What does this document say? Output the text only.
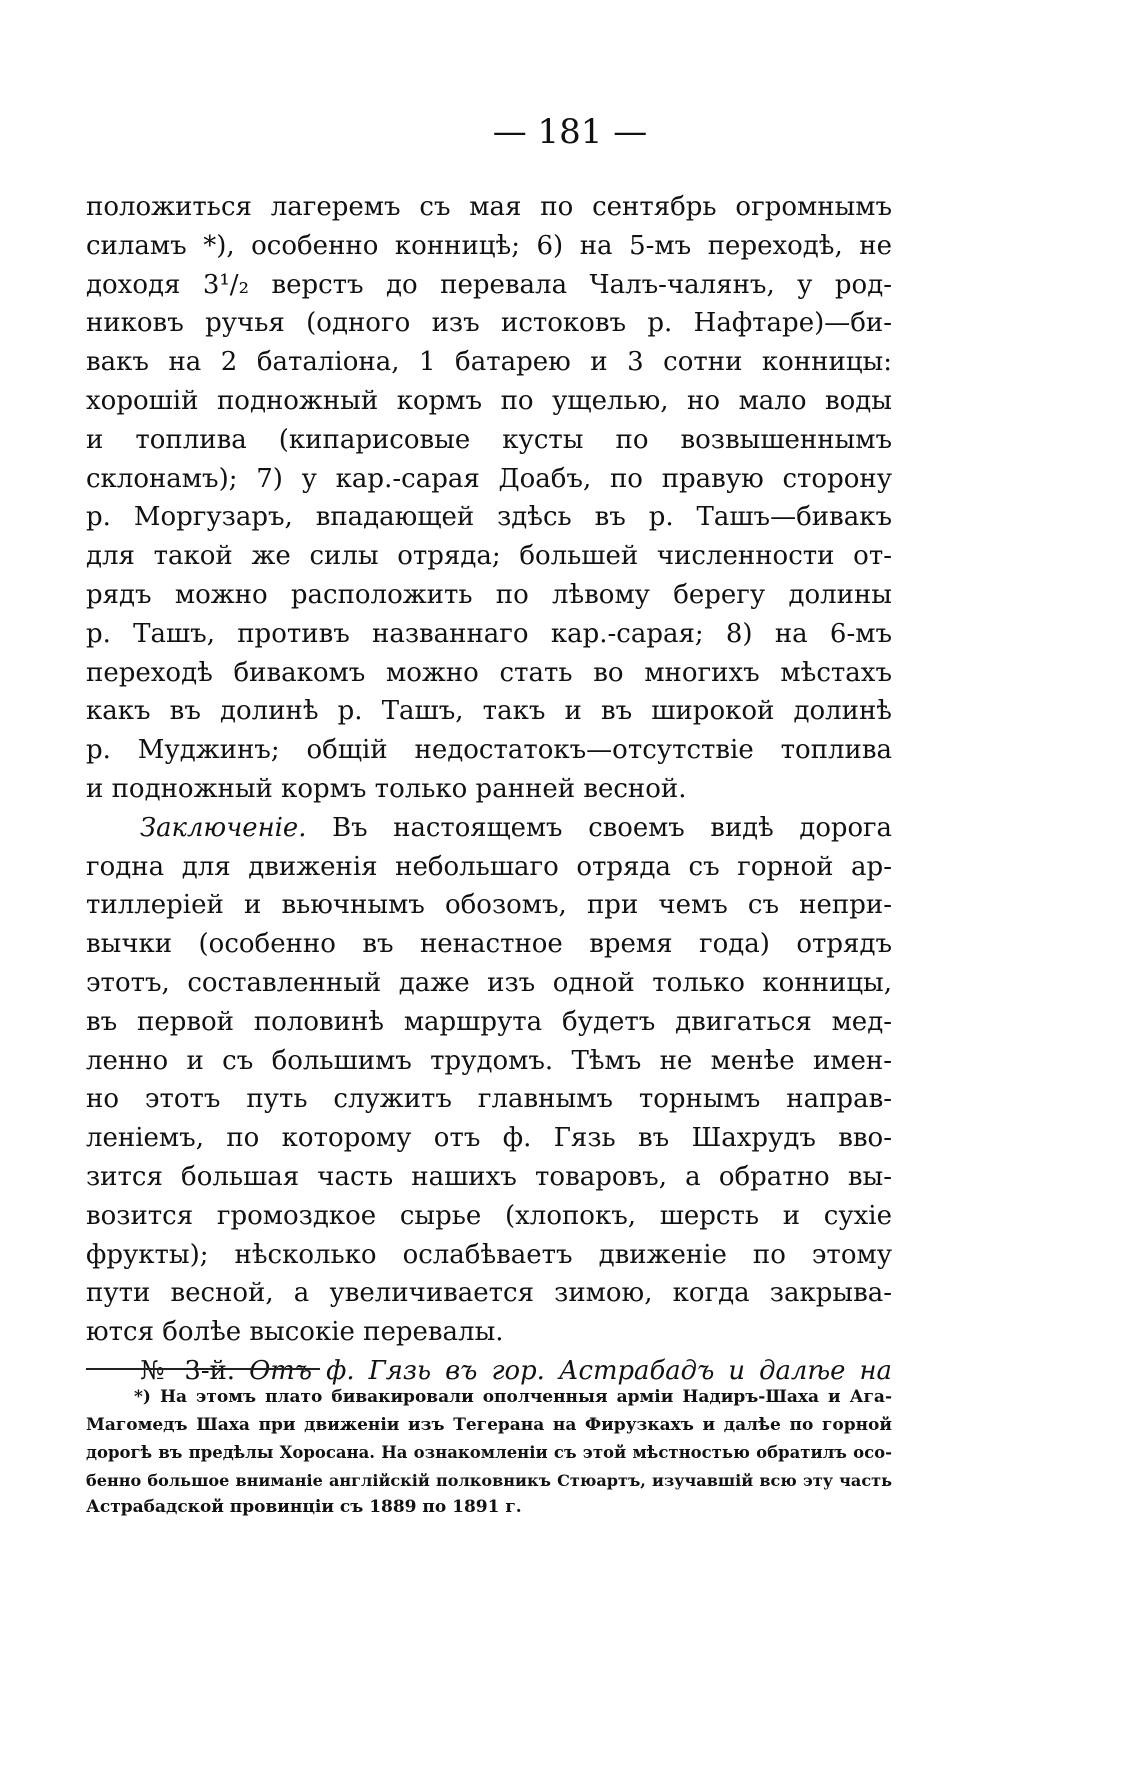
— 181 —
положиться лагеремъ съ мая по сентябрь огромнымъ
силамъ *), особенно конницѣ; 6) на 5-мъ переходѣ, не
доходя 3¹/₂ верстъ до перевала Чалъ-чалянъ, у род-
никовъ ручья (одного изъ истоковъ р. Нафтаре)—би-
вакъ на 2 баталіона, 1 батарею и 3 сотни конницы:
хорошій подножный кормъ по ущелью, но мало воды
и топлива (кипарисовые кусты по возвышеннымъ
склонамъ); 7) у кар.-сарая Доабъ, по правую сторону
р. Моргузаръ, впадающей здѣсь въ р. Ташъ—бивакъ
для такой же силы отряда; большей численности от-
рядъ можно расположить по лѣвому берегу долины
р. Ташъ, противъ названнаго кар.-сарая; 8) на 6-мъ
переходѣ бивакомъ можно стать во многихъ мѣстахъ
какъ въ долинѣ р. Ташъ, такъ и въ широкой долинѣ
р. Муджинъ; общій недостатокъ—отсутствіе топлива
и подножный кормъ только ранней весной.
Заключеніе. Въ настоящемъ своемъ видѣ дорога
годна для движенія небольшаго отряда съ горной ар-
тиллеріей и вьючнымъ обозомъ, при чемъ съ непри-
вычки (особенно въ ненастное время года) отрядъ
этотъ, составленный даже изъ одной только конницы,
въ первой половинѣ маршрута будетъ двигаться мед-
ленно и съ большимъ трудомъ. Тѣмъ не менѣе имен-
но этотъ путь служитъ главнымъ торнымъ направ-
леніемъ, по которому отъ ф. Гязь въ Шахрудъ вво-
зится большая часть нашихъ товаровъ, а обратно вы-
возится громоздкое сырье (хлопокъ, шерсть и сухіе
фрукты); нѣсколько ослабѣваетъ движеніе по этому
пути весной, а увеличивается зимою, когда закрыва-
ются болѣе высокіе перевалы.
№ 3-й. Отъ ф. Гязь въ гор. Астрабадъ и далѣе на
*) На этомъ плато бивакировали ополченныя арміи Надиръ-Шаха и Ага-
Магомедъ Шаха при движеніи изъ Тегерана на Фирузкахъ и далѣе по горной
дорогѣ въ предѣлы Хоросана. На ознакомленіи съ этой мѣстностью обратилъ осо-
бенно большое вниманіе англійскій полковникъ Стюартъ, изучавшій всю эту часть
Астрабадской провинціи съ 1889 по 1891 г.
